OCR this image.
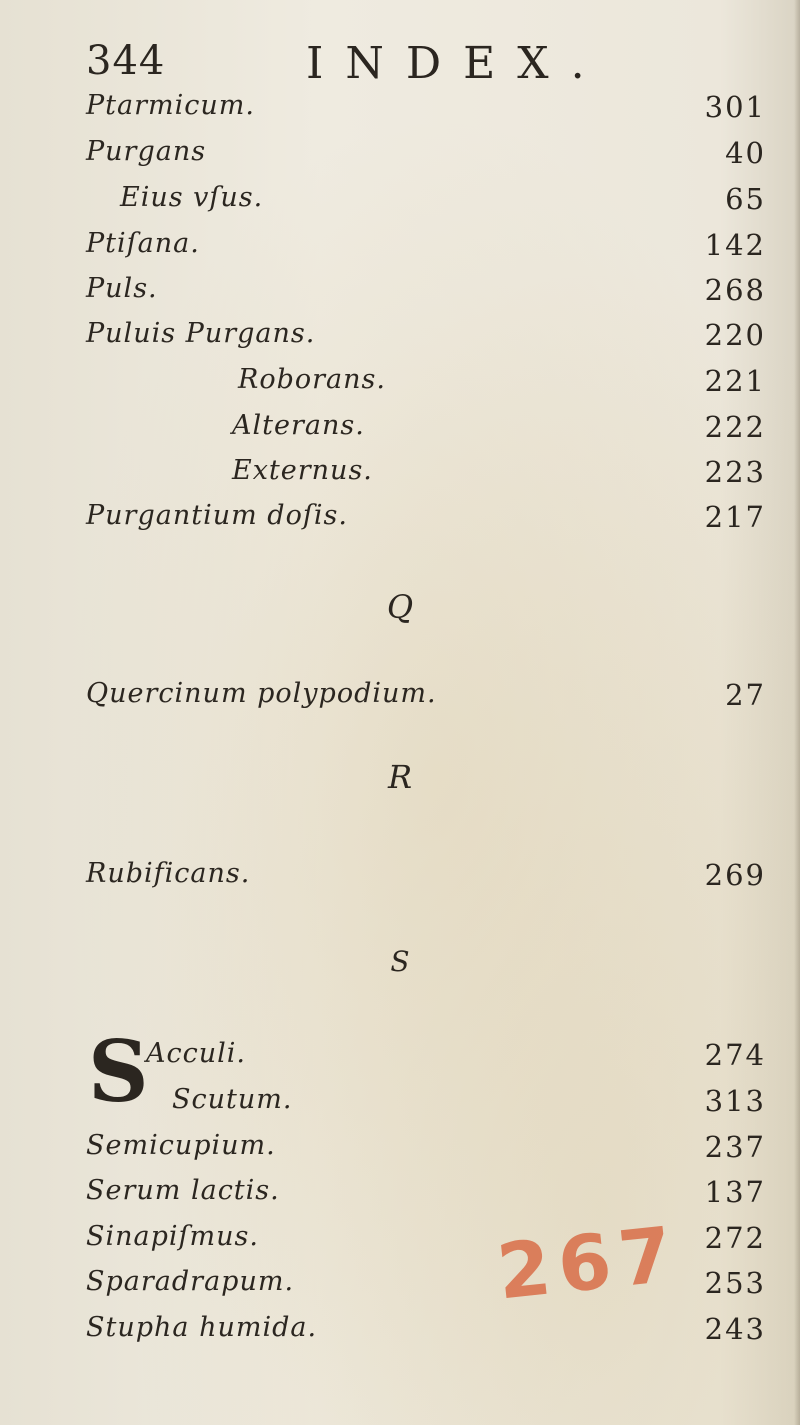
344	INDEX.
Ptarmicum.	301
Purgans	40
Eius vſus.	65
Ptiſana.	142
Puls.	268
Puluis Purgans.	220
Roborans.	221
Alterans.	222
Externus.	223
Purgantium doſis.	217
Q
Quercinum polypodium.	27
R
Rubificans.	269
S
S
Acculi.	274
Scutum.	313
Semicupium.	237
Serum lactis.	137
Sinapiſmus.	272
Sparadrapum.	253
Stupha humida.	243
267
